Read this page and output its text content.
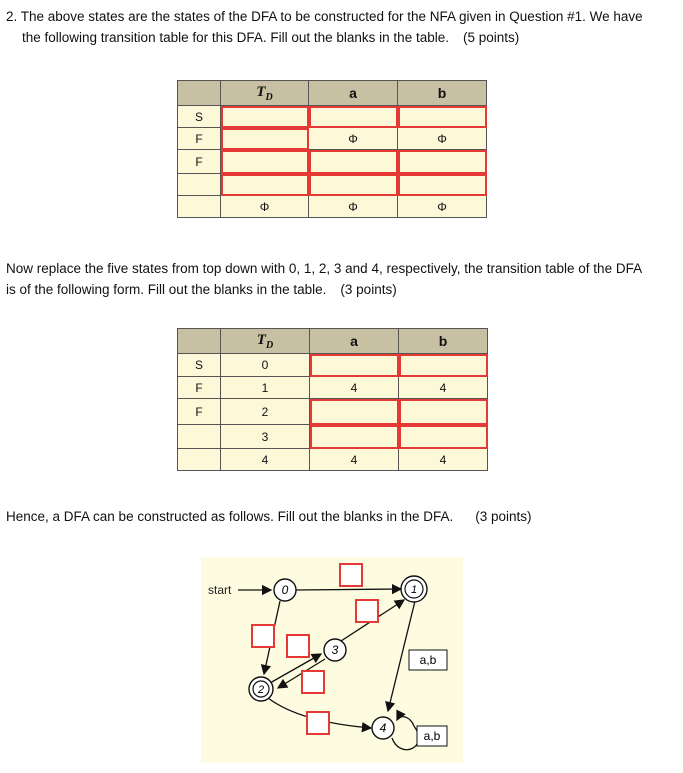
2. The above states are the states of the DFA to be constructed for the NFA given in Question #1. We have
the following transition table for this DFA. Fill out the blanks in the table. (5 points)
	$T_D$	a	b
S			
F		Φ	Φ
F			

	Φ	Φ	Φ
Now replace the five states from top down with 0, 1, 2, 3 and 4, respectively, the transition table of the DFA
is of the following form. Fill out the blanks in the table. (3 points)
	$T_D$	a	b
S	0		
F	1	4	4
F	2		
	3		
	4	4	4
Hence, a DFA can be constructed as follows. Fill out the blanks in the DFA. (3 points)
start	0	1
2
3
4
a,b
a,b
